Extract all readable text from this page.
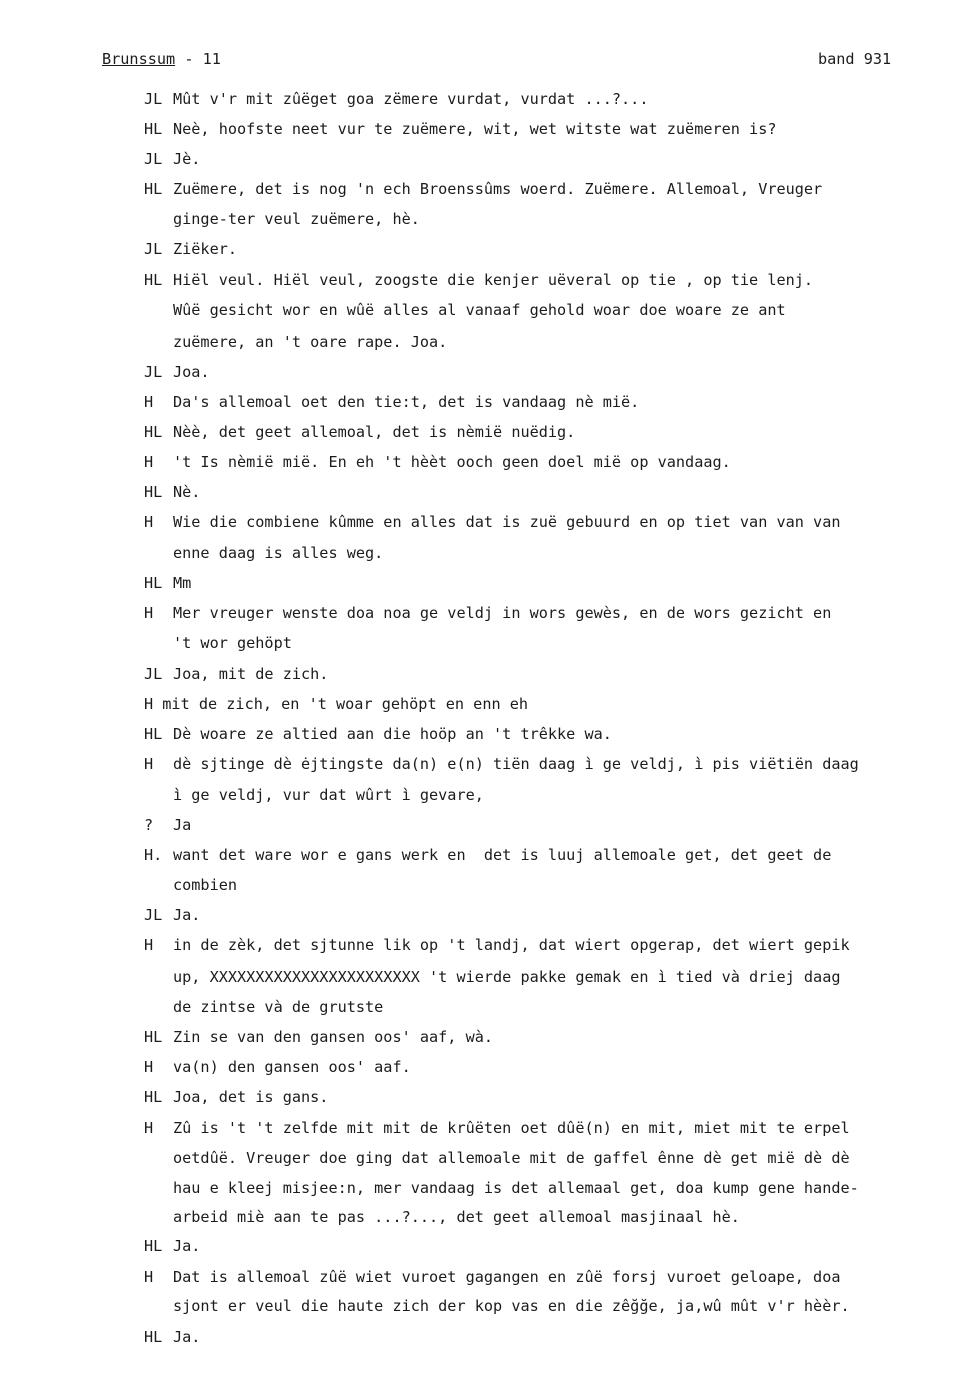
Brunssum - 11	band 931
JL Mût v'r mit zûëget goa zëmere vurdat, vurdat ...?...
HL Neè, hoofste neet vur te zuëmere, wit, wet witste wat zuëmeren is?
JL Jè.
HL Zuëmere, det is nog 'n ech Broenssûms woerd. Zuëmere. Allemoal, Vreuger
ginge-ter veul zuëmere, hè.
JL Ziëker.
HL Hiël veul. Hiël veul, zoogste die kenjer uëveral op tie , op tie lenj.
Wûë gesicht wor en wûë alles al vanaaf gehold woar doe woare ze ant
zuëmere, an 't oare rape. Joa.
JL Joa.
H Da's allemoal oet den tie:t, det is vandaag nè mië.
HL Nèè, det geet allemoal, det is nèmië nuëdig.
H 't Is nèmië mië. En eh 't hèèt ooch geen doel mië op vandaag.
HL Nè.
H Wie die combiene kûmme en alles dat is zuë gebuurd en op tiet van van van
enne daag is alles weg.
HL Mm
H Mer vreuger wenste doa noa ge veldj in wors gewès, en de wors gezicht en
't wor gehöpt
JL Joa, mit de zich.
H mit de zich, en 't woar gehöpt en enn eh
HL Dè woare ze altied aan die hoöp an 't trêkke wa.
H dè sjtinge dè ėjtingste da(n) e(n) tiën daag ì ge veldj, ì pis viëtiën daag
ì ge veldj, vur dat wûrt ì gevare,
? Ja
H. want det ware wor e gans werk en  det is luuj allemoale get, det geet de
combien
JL Ja.
H in de zèk, det sjtunne lik op 't landj, dat wiert opgerap, det wiert gepik
up, XXXXXXXXXXXXXXXXXXXXXXX 't wierde pakke gemak en ì tied và driej daag
de zintse và de grutste
HL Zin se van den gansen oos' aaf, wà.
H va(n) den gansen oos' aaf.
HL Joa, det is gans.
H Zû is 't 't zelfde mit mit de krûëten oet dûë(n) en mit, miet mit te erpel
oetdûë. Vreuger doe ging dat allemoale mit de gaffel ênne dè get mië dè dè
hau e kleej misjee:n, mer vandaag is det allemaal get, doa kump gene hande-
arbeid miè aan te pas ...?..., det geet allemoal masjinaal hè.
HL Ja.
H Dat is allemoal zûë wiet vuroet gagangen en zûë forsj vuroet geloape, doa
sjont er veul die haute zich der kop vas en die zêğğe, ja,wû mût v'r hèèr.
HL Ja.
